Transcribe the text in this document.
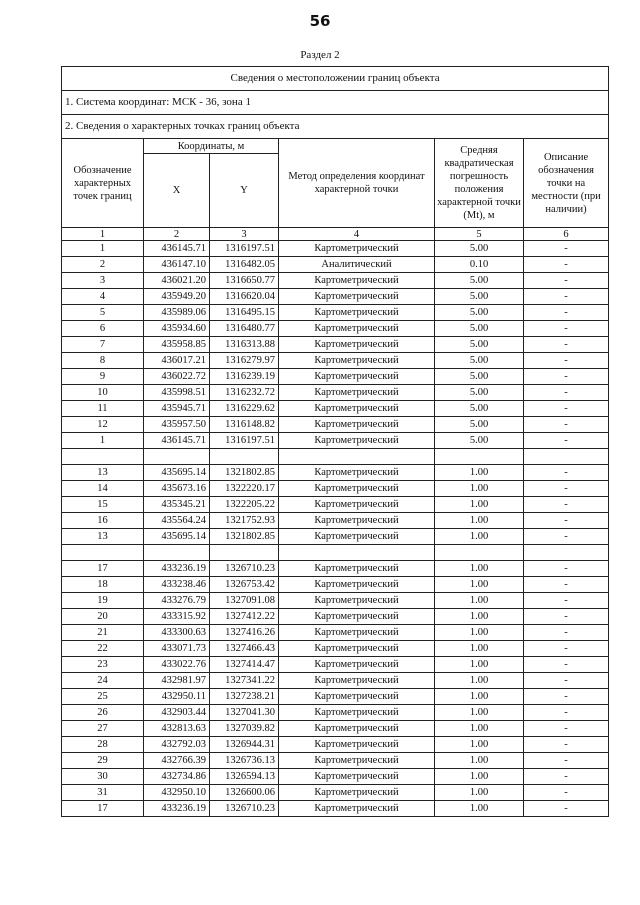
56
Раздел 2
Сведения о местоположении границ объекта					
1. Система координат: МСК - 36, зона 1					
2. Сведения о характерных точках границ объекта					
Обозначение характерных точек границ	Координаты, м		Метод определения координат характерной точки	Средняя квадратическая погрешность положения характерной точки (Mt), м	Описание обозначения точки на местности (при наличии)
	X	Y			
1	2	3	4	5	6
1	436145.71	1316197.51	Картометрический	5.00	-
2	436147.10	1316482.05	Аналитический	0.10	-
3	436021.20	1316650.77	Картометрический	5.00	-
4	435949.20	1316620.04	Картометрический	5.00	-
5	435989.06	1316495.15	Картометрический	5.00	-
6	435934.60	1316480.77	Картометрический	5.00	-
7	435958.85	1316313.88	Картометрический	5.00	-
8	436017.21	1316279.97	Картометрический	5.00	-
9	436022.72	1316239.19	Картометрический	5.00	-
10	435998.51	1316232.72	Картометрический	5.00	-
11	435945.71	1316229.62	Картометрический	5.00	-
12	435957.50	1316148.82	Картометрический	5.00	-
1	436145.71	1316197.51	Картометрический	5.00	-

13	435695.14	1321802.85	Картометрический	1.00	-
14	435673.16	1322220.17	Картометрический	1.00	-
15	435345.21	1322205.22	Картометрический	1.00	-
16	435564.24	1321752.93	Картометрический	1.00	-
13	435695.14	1321802.85	Картометрический	1.00	-

17	433236.19	1326710.23	Картометрический	1.00	-
18	433238.46	1326753.42	Картометрический	1.00	-
19	433276.79	1327091.08	Картометрический	1.00	-
20	433315.92	1327412.22	Картометрический	1.00	-
21	433300.63	1327416.26	Картометрический	1.00	-
22	433071.73	1327466.43	Картометрический	1.00	-
23	433022.76	1327414.47	Картометрический	1.00	-
24	432981.97	1327341.22	Картометрический	1.00	-
25	432950.11	1327238.21	Картометрический	1.00	-
26	432903.44	1327041.30	Картометрический	1.00	-
27	432813.63	1327039.82	Картометрический	1.00	-
28	432792.03	1326944.31	Картометрический	1.00	-
29	432766.39	1326736.13	Картометрический	1.00	-
30	432734.86	1326594.13	Картометрический	1.00	-
31	432950.10	1326600.06	Картометрический	1.00	-
17	433236.19	1326710.23	Картометрический	1.00	-
